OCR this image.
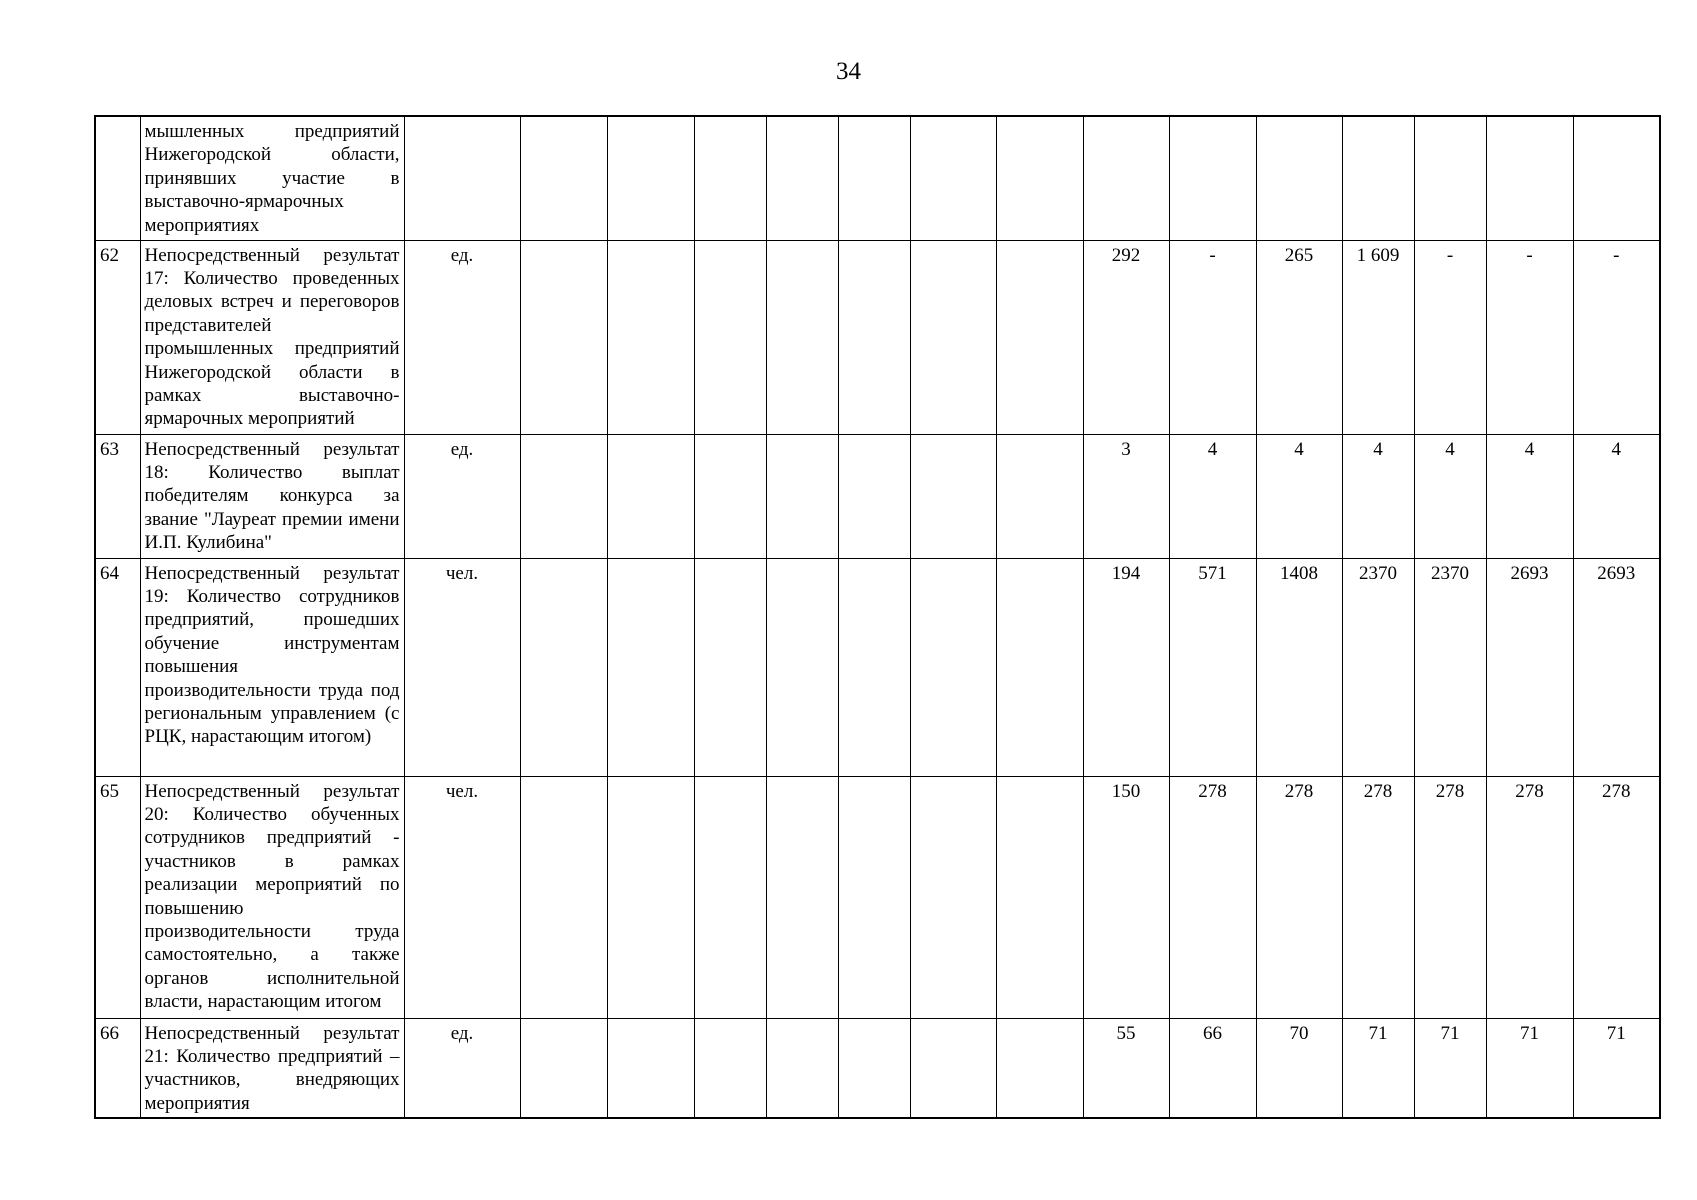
34
	мышленных предприятий Нижегородской области, принявших участие в выставочно-ярмарочных мероприятиях															
62	Непосредственный результат 17: Количество проведенных деловых встреч и переговоров представителей промышленных предприятий Нижегородской области в рамках выставочно-ярмарочных мероприятий	ед.								292	-	265	1 609	-	-	-
63	Непосредственный результат 18: Количество выплат победителям конкурса за звание "Лауреат премии имени И.П. Кулибина"	ед.								3	4	4	4	4	4	4
64	Непосредственный результат 19: Количество сотрудников предприятий, прошедших обучение инструментам повышения производительности труда под региональным управлением (с РЦК, нарастающим итогом)	чел.								194	571	1408	2370	2370	2693	2693
65	Непосредственный результат 20: Количество обученных сотрудников предприятий - участников в рамках реализации мероприятий по повышению производительности труда самостоятельно, а также органов исполнительной власти, нарастающим итогом	чел.								150	278	278	278	278	278	278
66	Непосредственный результат 21: Количество предприятий – участников, внедряющих мероприятия	ед.								55	66	70	71	71	71	71
